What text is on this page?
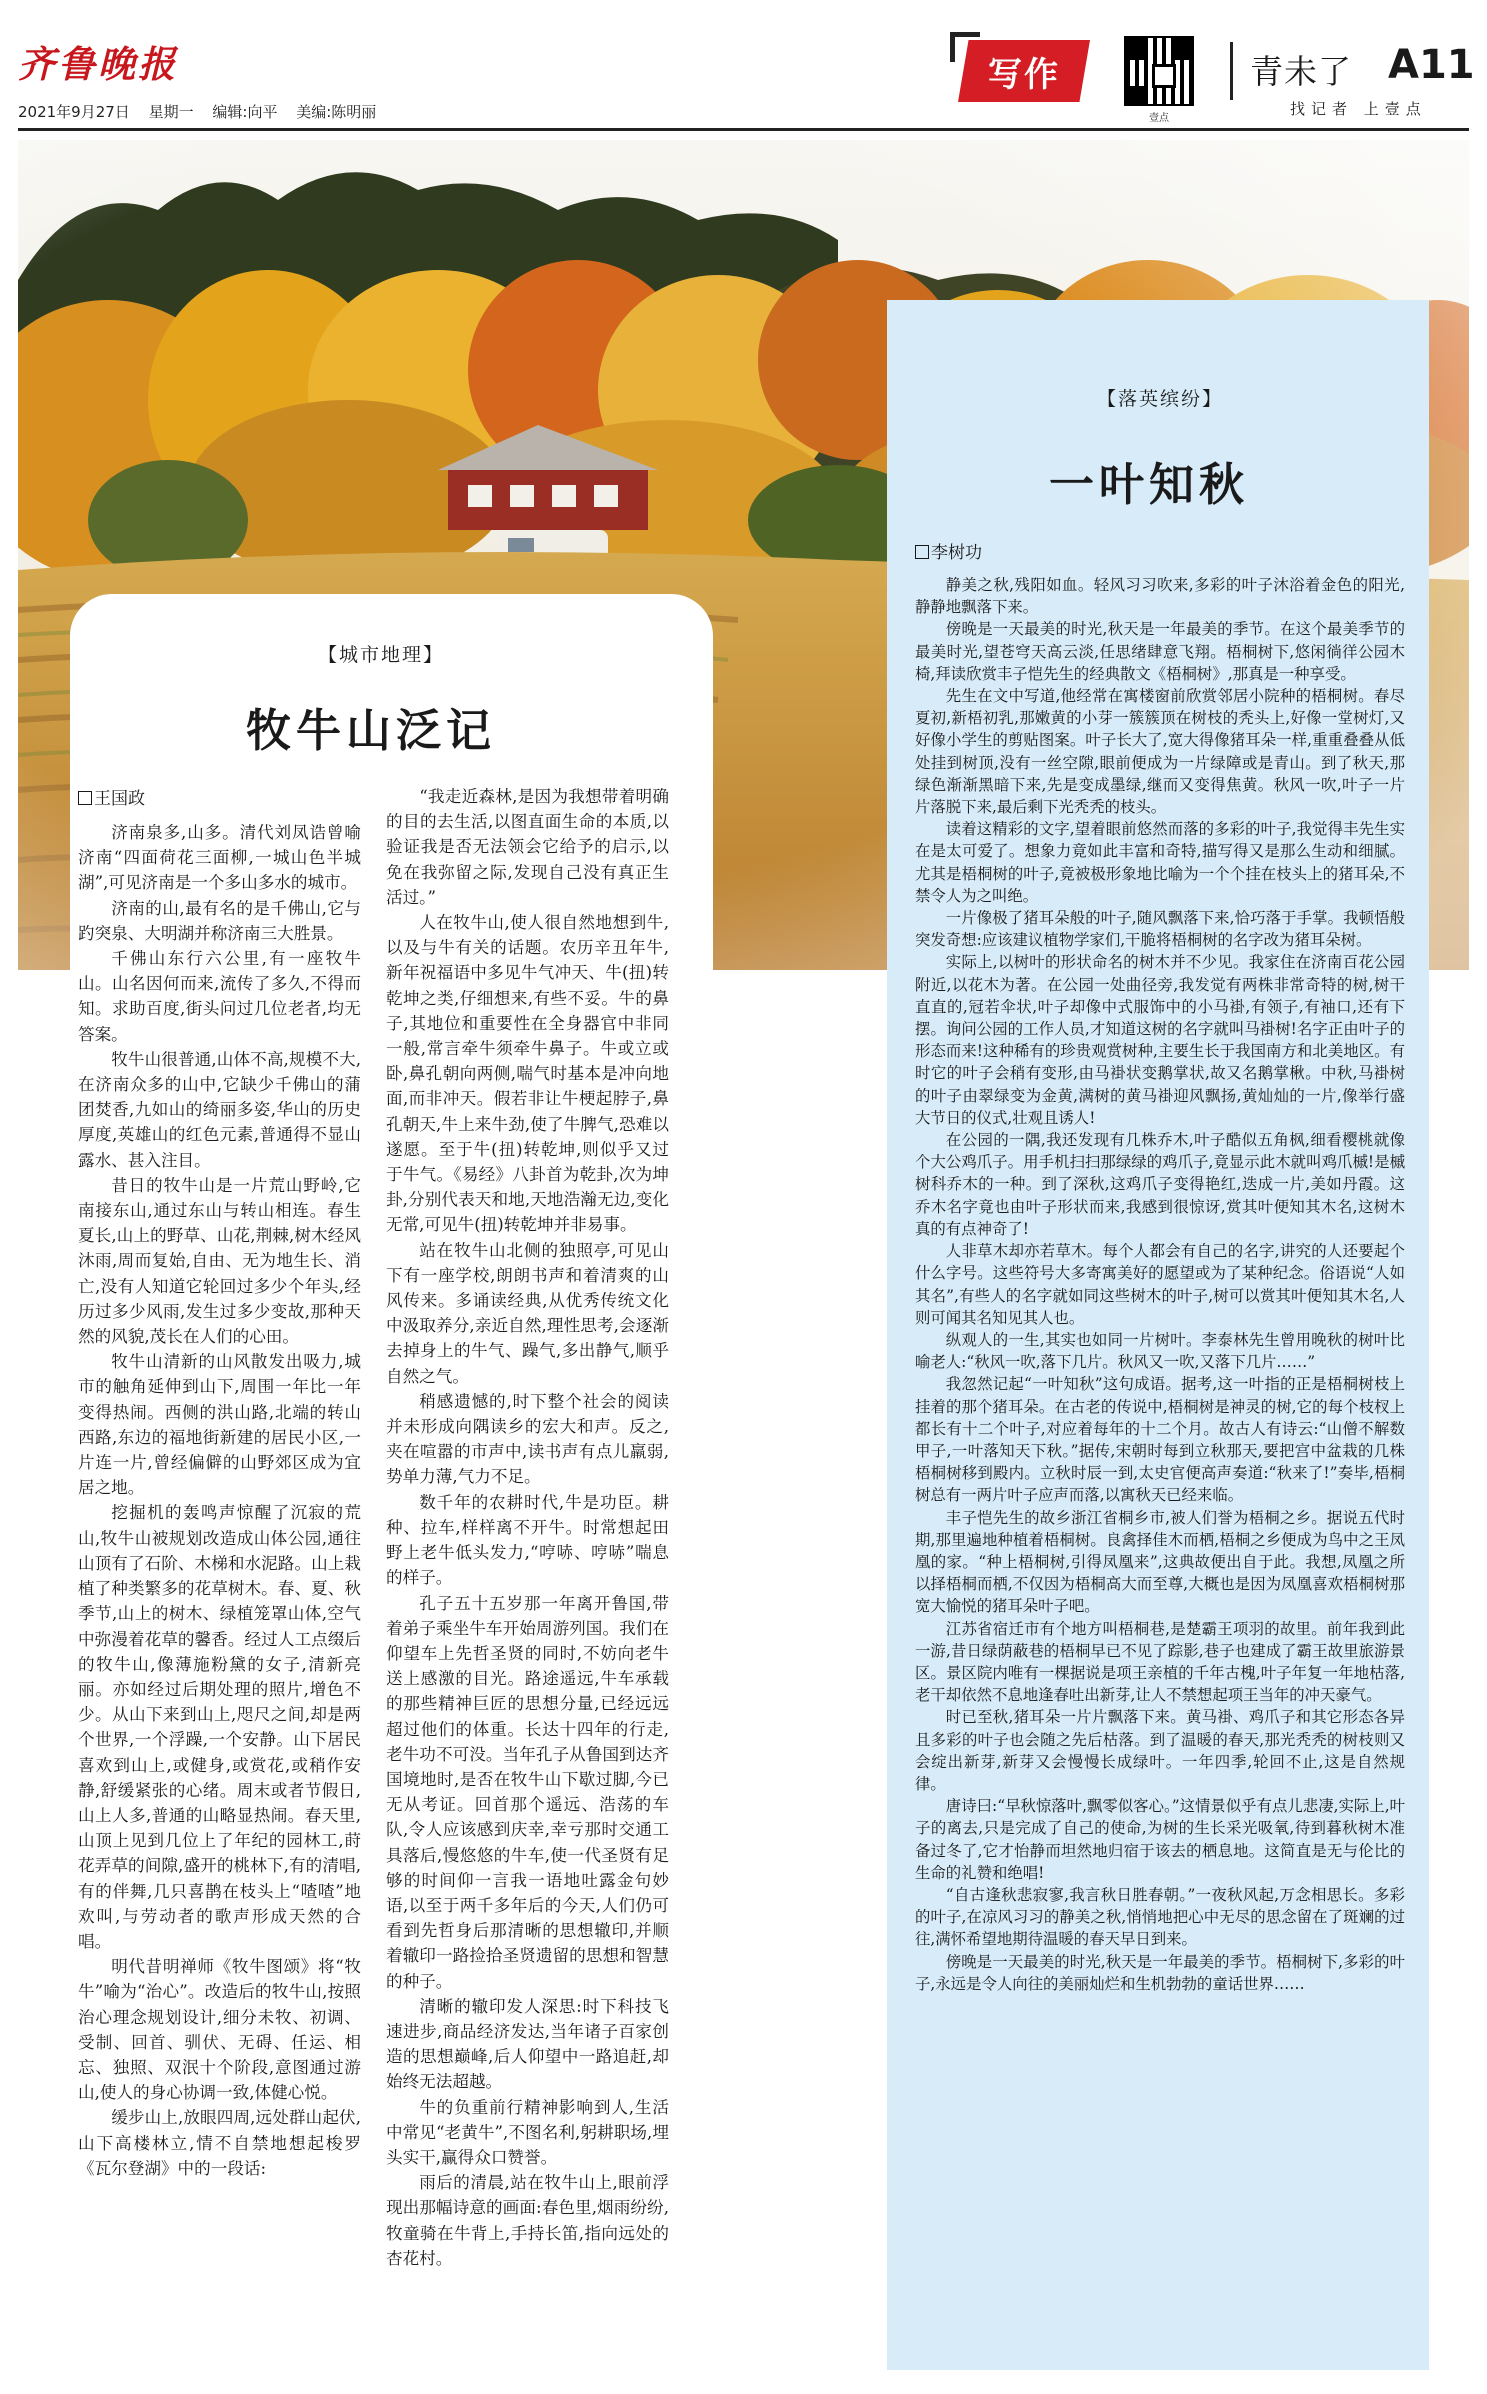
齐鲁晚报
2021年9月27日 星期一 编辑:向平 美编:陈明丽
写作
壹点
青未了 A11
找记者 上壹点
【城市地理】
牧牛山泛记
王国政

济南泉多,山多。清代刘凤诰曾喻济南“四面荷花三面柳,一城山色半城湖”,可见济南是一个多山多水的城市。

济南的山,最有名的是千佛山,它与趵突泉、大明湖并称济南三大胜景。

千佛山东行六公里,有一座牧牛山。山名因何而来,流传了多久,不得而知。求助百度,街头问过几位老者,均无答案。

牧牛山很普通,山体不高,规模不大,在济南众多的山中,它缺少千佛山的蒲团焚香,九如山的绮丽多姿,华山的历史厚度,英雄山的红色元素,普通得不显山露水、甚入注目。

昔日的牧牛山是一片荒山野岭,它南接东山,通过东山与转山相连。春生夏长,山上的野草、山花,荆棘,树木经风沐雨,周而复始,自由、无为地生长、消亡,没有人知道它轮回过多少个年头,经历过多少风雨,发生过多少变故,那种天然的风貌,茂长在人们的心田。

牧牛山清新的山风散发出吸力,城市的触角延伸到山下,周围一年比一年变得热闹。西侧的洪山路,北端的转山西路,东边的福地街新建的居民小区,一片连一片,曾经偏僻的山野郊区成为宜居之地。

挖掘机的轰鸣声惊醒了沉寂的荒山,牧牛山被规划改造成山体公园,通往山顶有了石阶、木梯和水泥路。山上栽植了种类繁多的花草树木。春、夏、秋季节,山上的树木、绿植笼罩山体,空气中弥漫着花草的馨香。经过人工点缀后的牧牛山,像薄施粉黛的女子,清新亮丽。亦如经过后期处理的照片,增色不少。从山下来到山上,咫尺之间,却是两个世界,一个浮躁,一个安静。山下居民喜欢到山上,或健身,或赏花,或稍作安静,舒缓紧张的心绪。周末或者节假日,山上人多,普通的山略显热闹。春天里,山顶上见到几位上了年纪的园林工,莳花弄草的间隙,盛开的桃林下,有的清唱,有的伴舞,几只喜鹊在枝头上“喳喳”地欢叫,与劳动者的歌声形成天然的合唱。

明代昔明禅师《牧牛图颂》将“牧牛”喻为“治心”。改造后的牧牛山,按照治心理念规划设计,细分未牧、初调、受制、回首、驯伏、无碍、任运、相忘、独照、双泯十个阶段,意图通过游山,使人的身心协调一致,体健心悦。

缓步山上,放眼四周,远处群山起伏,山下高楼林立,情不自禁地想起梭罗《瓦尔登湖》中的一段话:

“我走近森林,是因为我想带着明确的目的去生活,以图直面生命的本质,以验证我是否无法领会它给予的启示,以免在我弥留之际,发现自己没有真正生活过。”

人在牧牛山,使人很自然地想到牛,以及与牛有关的话题。农历辛丑年牛,新年祝福语中多见牛气冲天、牛(扭)转乾坤之类,仔细想来,有些不妥。牛的鼻子,其地位和重要性在全身器官中非同一般,常言牵牛须牵牛鼻子。牛或立或卧,鼻孔朝向两侧,喘气时基本是冲向地面,而非冲天。假若非让牛梗起脖子,鼻孔朝天,牛上来牛劲,使了牛脾气,恐难以遂愿。至于牛(扭)转乾坤,则似乎又过于牛气。《易经》八卦首为乾卦,次为坤卦,分别代表天和地,天地浩瀚无边,变化无常,可见牛(扭)转乾坤并非易事。

站在牧牛山北侧的独照亭,可见山下有一座学校,朗朗书声和着清爽的山风传来。多诵读经典,从优秀传统文化中汲取养分,亲近自然,理性思考,会逐渐去掉身上的牛气、躁气,多出静气,顺乎自然之气。

稍感遗憾的,时下整个社会的阅读并未形成向隅读乡的宏大和声。反之,夹在喧嚣的市声中,读书声有点儿羸弱,势单力薄,气力不足。

数千年的农耕时代,牛是功臣。耕种、拉车,样样离不开牛。时常想起田野上老牛低头发力,“哼哧、哼哧”喘息的样子。

孔子五十五岁那一年离开鲁国,带着弟子乘坐牛车开始周游列国。我们在仰望车上先哲圣贤的同时,不妨向老牛送上感激的目光。路途遥远,牛车承载的那些精神巨匠的思想分量,已经远远超过他们的体重。长达十四年的行走,老牛功不可没。当年孔子从鲁国到达齐国境地时,是否在牧牛山下歇过脚,今已无从考证。回首那个遥远、浩荡的车队,令人应该感到庆幸,幸亏那时交通工具落后,慢悠悠的牛车,使一代圣贤有足够的时间仰一言我一语地吐露金句妙语,以至于两千多年后的今天,人们仍可看到先哲身后那清晰的思想辙印,并顺着辙印一路捡拾圣贤遗留的思想和智慧的种子。

清晰的辙印发人深思:时下科技飞速进步,商品经济发达,当年诸子百家创造的思想巅峰,后人仰望中一路追赶,却始终无法超越。

牛的负重前行精神影响到人,生活中常见“老黄牛”,不图名利,躬耕职场,埋头实干,赢得众口赞誉。

雨后的清晨,站在牧牛山上,眼前浮现出那幅诗意的画面:春色里,烟雨纷纷,牧童骑在牛背上,手持长笛,指向远处的杏花村。

【落英缤纷】
一叶知秋
李树功

静美之秋,残阳如血。轻风习习吹来,多彩的叶子沐浴着金色的阳光,静静地飘落下来。

傍晚是一天最美的时光,秋天是一年最美的季节。在这个最美季节的最美时光,望苍穹天高云淡,任思绪肆意飞翔。梧桐树下,悠闲徜徉公园木椅,拜读欣赏丰子恺先生的经典散文《梧桐树》,那真是一种享受。

先生在文中写道,他经常在寓楼窗前欣赏邻居小院种的梧桐树。春尽夏初,新梧初乳,那嫩黄的小芽一簇簇顶在树枝的秃头上,好像一堂树灯,又好像小学生的剪贴图案。叶子长大了,宽大得像猪耳朵一样,重重叠叠从低处挂到树顶,没有一丝空隙,眼前便成为一片绿障或是青山。到了秋天,那绿色渐渐黑暗下来,先是变成墨绿,继而又变得焦黄。秋风一吹,叶子一片片落脱下来,最后剩下光秃秃的枝头。

读着这精彩的文字,望着眼前悠然而落的多彩的叶子,我觉得丰先生实在是太可爱了。想象力竟如此丰富和奇特,描写得又是那么生动和细腻。尤其是梧桐树的叶子,竟被极形象地比喻为一个个挂在枝头上的猪耳朵,不禁令人为之叫绝。

一片像极了猪耳朵般的叶子,随风飘落下来,恰巧落于手掌。我顿悟般突发奇想:应该建议植物学家们,干脆将梧桐树的名字改为猪耳朵树。

实际上,以树叶的形状命名的树木并不少见。我家住在济南百花公园附近,以花木为著。在公园一处曲径旁,我发觉有两株非常奇特的树,树干直直的,冠若伞状,叶子却像中式服饰中的小马褂,有领子,有袖口,还有下摆。询问公园的工作人员,才知道这树的名字就叫马褂树!名字正由叶子的形态而来!这种稀有的珍贵观赏树种,主要生长于我国南方和北美地区。有时它的叶子会稍有变形,由马褂状变鹅掌状,故又名鹅掌楸。中秋,马褂树的叶子由翠绿变为金黄,满树的黄马褂迎风飘扬,黄灿灿的一片,像举行盛大节日的仪式,壮观且诱人!

在公园的一隅,我还发现有几株乔木,叶子酷似五角枫,细看樱桃就像个大公鸡爪子。用手机扫扫那绿绿的鸡爪子,竟显示此木就叫鸡爪槭!是槭树科乔木的一种。到了深秋,这鸡爪子变得艳红,迭成一片,美如丹霞。这乔木名字竟也由叶子形状而来,我感到很惊讶,赏其叶便知其木名,这树木真的有点神奇了!

人非草木却亦若草木。每个人都会有自己的名字,讲究的人还要起个什么字号。这些符号大多寄寓美好的愿望或为了某种纪念。俗语说“人如其名”,有些人的名字就如同这些树木的叶子,树可以赏其叶便知其木名,人则可闻其名知见其人也。

纵观人的一生,其实也如同一片树叶。李泰林先生曾用晚秋的树叶比喻老人:“秋风一吹,落下几片。秋风又一吹,又落下几片……”

我忽然记起“一叶知秋”这句成语。据考,这一叶指的正是梧桐树枝上挂着的那个猪耳朵。在古老的传说中,梧桐树是神灵的树,它的每个枝杈上都长有十二个叶子,对应着每年的十二个月。故古人有诗云:“山僧不解数甲子,一叶落知天下秋。”据传,宋朝时每到立秋那天,要把宫中盆栽的几株梧桐树移到殿内。立秋时辰一到,太史官便高声奏道:“秋来了!”奏毕,梧桐树总有一两片叶子应声而落,以寓秋天已经来临。

丰子恺先生的故乡浙江省桐乡市,被人们誉为梧桐之乡。据说五代时期,那里遍地种植着梧桐树。良禽择佳木而栖,梧桐之乡便成为鸟中之王凤凰的家。“种上梧桐树,引得凤凰来”,这典故便出自于此。我想,凤凰之所以择梧桐而栖,不仅因为梧桐高大而至尊,大概也是因为凤凰喜欢梧桐树那宽大愉悦的猪耳朵叶子吧。

江苏省宿迁市有个地方叫梧桐巷,是楚霸王项羽的故里。前年我到此一游,昔日绿荫蔽巷的梧桐早已不见了踪影,巷子也建成了霸王故里旅游景区。景区院内唯有一棵据说是项王亲植的千年古槐,叶子年复一年地枯落,老干却依然不息地逢春吐出新芽,让人不禁想起项王当年的冲天豪气。

时已至秋,猪耳朵一片片飘落下来。黄马褂、鸡爪子和其它形态各异且多彩的叶子也会随之先后枯落。到了温暖的春天,那光秃秃的树枝则又会绽出新芽,新芽又会慢慢长成绿叶。一年四季,轮回不止,这是自然规律。

唐诗曰:“早秋惊落叶,飘零似客心。”这情景似乎有点儿悲凄,实际上,叶子的离去,只是完成了自己的使命,为树的生长采光吸氧,待到暮秋树木准备过冬了,它才怡静而坦然地归宿于该去的栖息地。这简直是无与伦比的生命的礼赞和绝唱!

“自古逢秋悲寂寥,我言秋日胜春朝。”一夜秋风起,万念相思长。多彩的叶子,在凉风习习的静美之秋,悄悄地把心中无尽的思念留在了斑斓的过往,满怀希望地期待温暖的春天早日到来。

傍晚是一天最美的时光,秋天是一年最美的季节。梧桐树下,多彩的叶子,永远是令人向往的美丽灿烂和生机勃勃的童话世界……
